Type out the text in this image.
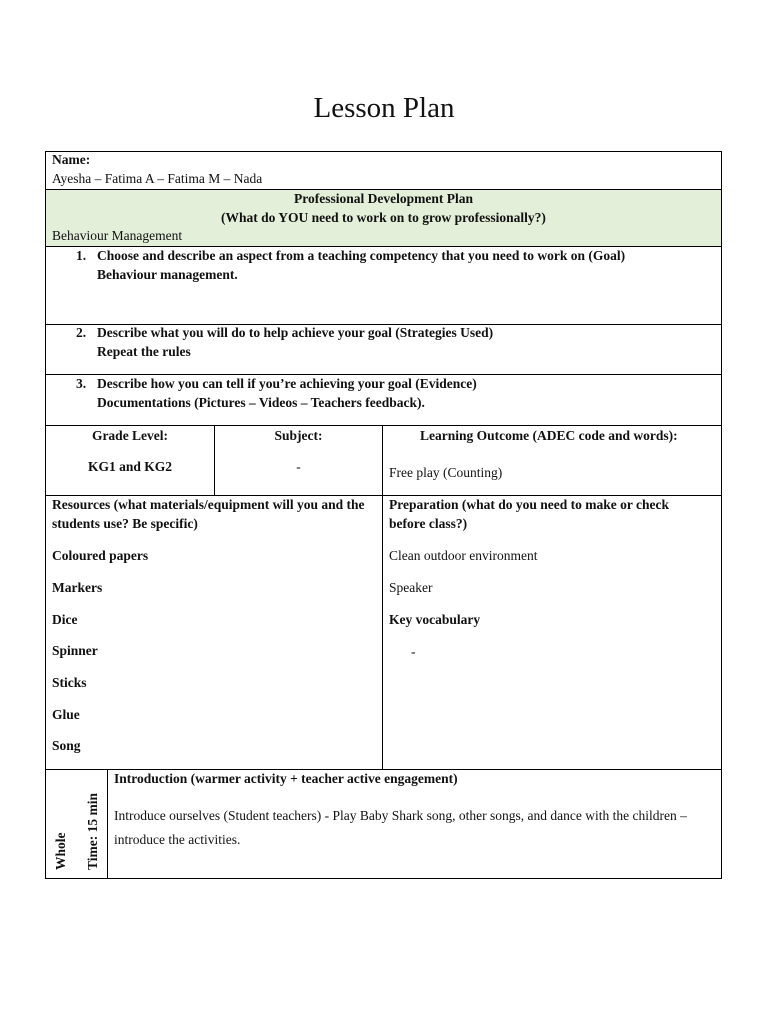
Lesson Plan
Name:
Ayesha – Fatima A – Fatima M – Nada
Professional Development Plan
(What do YOU need to work on to grow professionally?)
Behaviour Management
1. Choose and describe an aspect from a teaching competency that you need to work on (Goal)
Behaviour management.
2. Describe what you will do to help achieve your goal (Strategies Used)
Repeat the rules
3. Describe how you can tell if you’re achieving your goal (Evidence)
Documentations (Pictures – Videos – Teachers feedback).
Grade Level:
KG1 and KG2
Subject:
-
Learning Outcome (ADEC code and words):
Free play (Counting)
Resources (what materials/equipment will you and the
students use? Be specific)
Coloured papers
Markers
Dice
Spinner
Sticks
Glue
Song
Preparation (what do you need to make or check
before class?)
Clean outdoor environment
Speaker
Key vocabulary
-
Whole Time: 15 min
Introduction (warmer activity + teacher active engagement)
Introduce ourselves (Student teachers) - Play Baby Shark song, other songs, and dance with the children –
introduce the activities.
